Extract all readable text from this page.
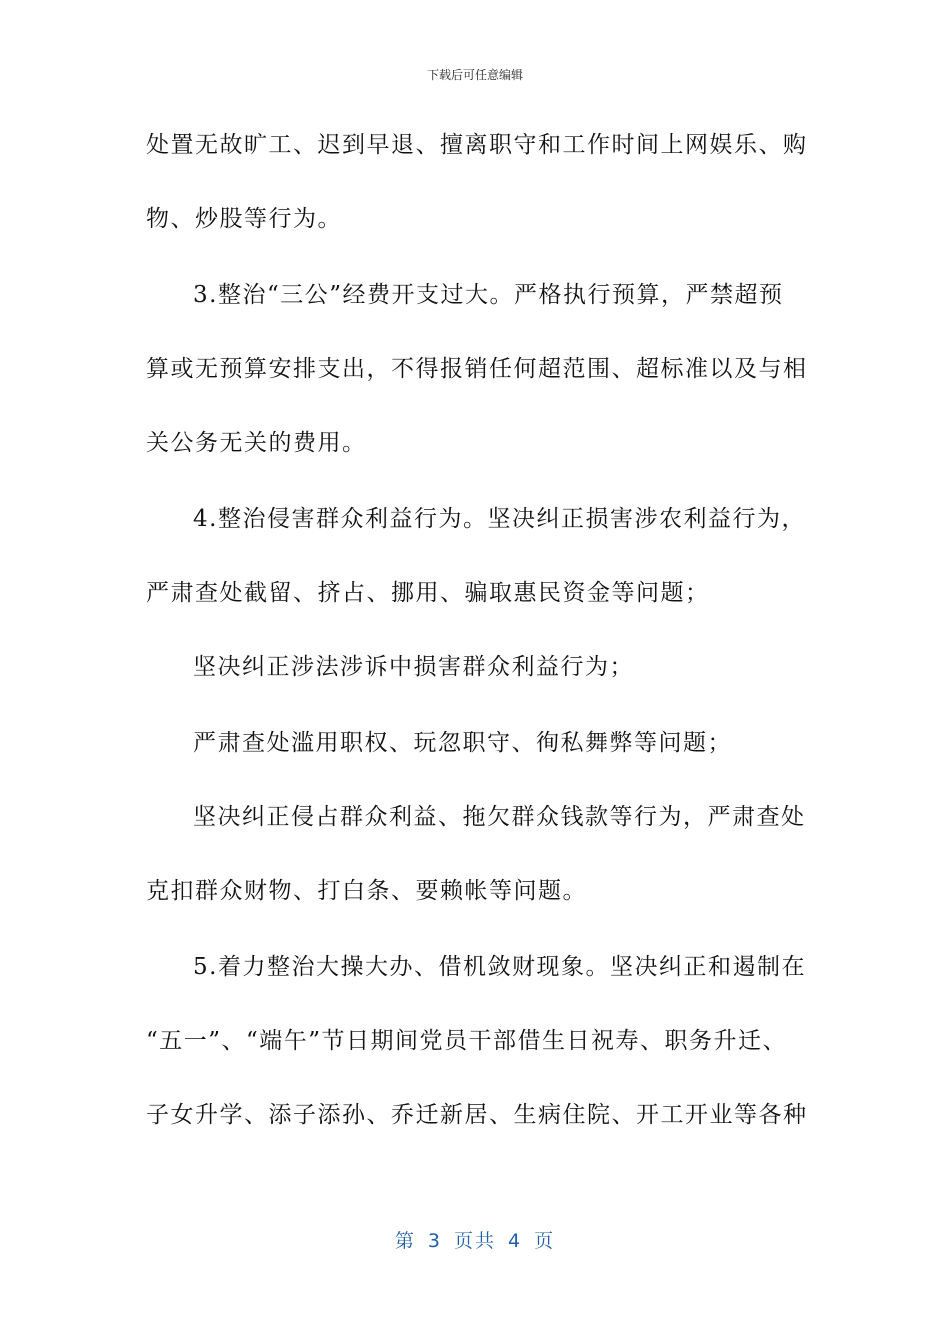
下载后可任意编辑
处置无故旷工、迟到早退、擅离职守和工作时间上网娱乐、购
物、炒股等行为。
3.整治“三公”经费开支过大。严格执行预算，严禁超预
算或无预算安排支出，不得报销任何超范围、超标准以及与相
关公务无关的费用。
4.整治侵害群众利益行为。坚决纠正损害涉农利益行为，
严肃查处截留、挤占、挪用、骗取惠民资金等问题；
坚决纠正涉法涉诉中损害群众利益行为；
严肃查处滥用职权、玩忽职守、徇私舞弊等问题；
坚决纠正侵占群众利益、拖欠群众钱款等行为，严肃查处
克扣群众财物、打白条、要赖帐等问题。
5.着力整治大操大办、借机敛财现象。坚决纠正和遏制在
“五一”、“端午”节日期间党员干部借生日祝寿、职务升迁、
子女升学、添子添孙、乔迁新居、生病住院、开工开业等各种
第 3 页共 4 页
